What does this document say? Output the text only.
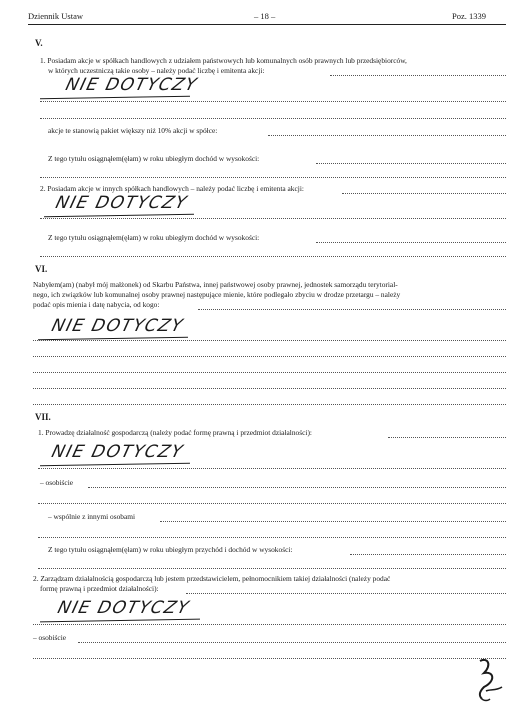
Dziennik Ustaw	– 18 –	Poz. 1339
V.
1. Posiadam akcje w spółkach handlowych z udziałem państwowych lub komunalnych osób prawnych lub przedsiębiorców,
w których uczestniczą takie osoby – należy podać liczbę i emitenta akcji:
NIE DOTYCZY
akcje te stanowią pakiet większy niż 10% akcji w spółce:
Z tego tytułu osiągnąłem(ęłam) w roku ubiegłym dochód w wysokości:
2. Posiadam akcje w innych spółkach handlowych – należy podać liczbę i emitenta akcji:
NIE DOTYCZY
Z tego tytułu osiągnąłem(ęłam) w roku ubiegłym dochód w wysokości:
VI.
Nabyłem(am) (nabył mój małżonek) od Skarbu Państwa, innej państwowej osoby prawnej, jednostek samorządu terytorial-
nego, ich związków lub komunalnej osoby prawnej następujące mienie, które podlegało zbyciu w drodze przetargu – należy
podać opis mienia i datę nabycia, od kogo:
NIE DOTYCZY
VII.
1. Prowadzę działalność gospodarczą (należy podać formę prawną i przedmiot działalności):
NIE DOTYCZY
– osobiście
– wspólnie z innymi osobami
Z tego tytułu osiągnąłem(ęłam) w roku ubiegłym przychód i dochód w wysokości:
2. Zarządzam działalnością gospodarczą lub jestem przedstawicielem, pełnomocnikiem takiej działalności (należy podać
formę prawną i przedmiot działalności):
NIE DOTYCZY
– osobiście
